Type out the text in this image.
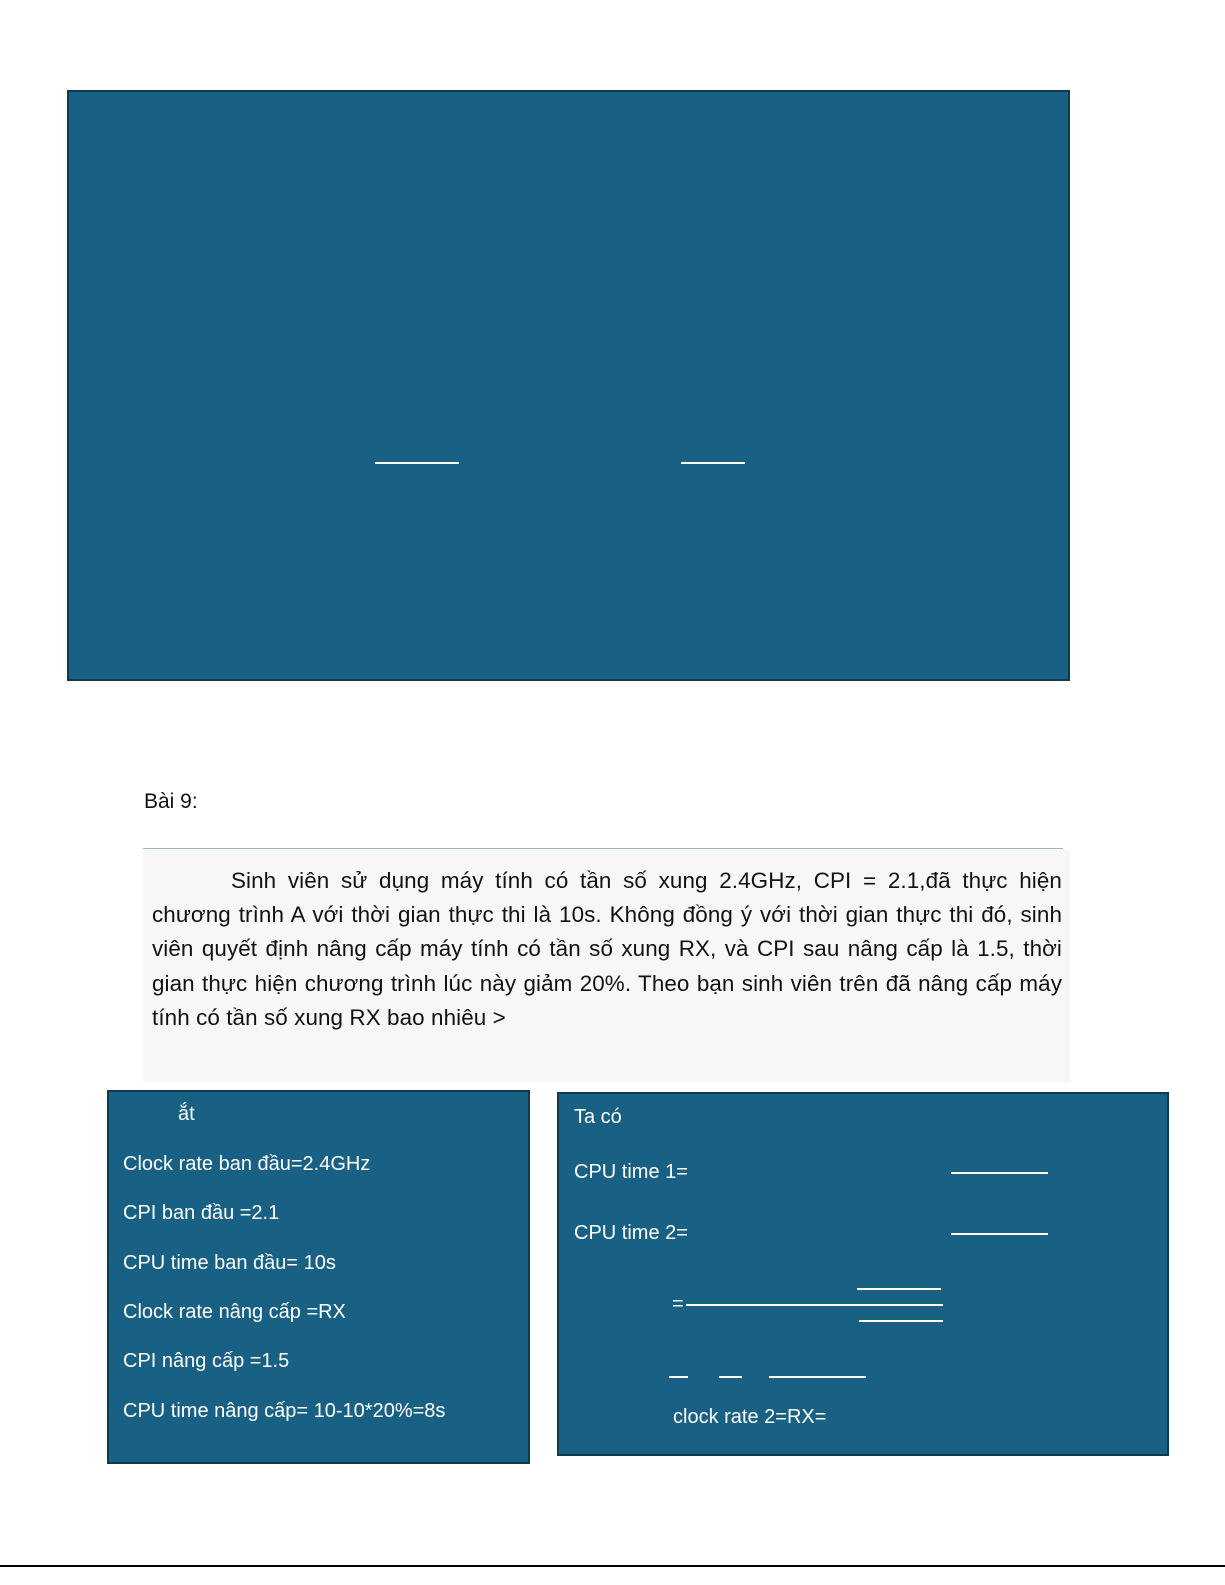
Bài 9:

Sinh viên sử dụng máy tính có tần số xung 2.4GHz, CPI = 2.1,đã thực hiện chương trình A với thời gian thực thi là 10s. Không đồng ý với thời gian thực thi đó, sinh viên quyết định nâng cấp máy tính có tần số xung RX, và CPI sau nâng cấp là 1.5, thời gian thực hiện chương trình lúc này giảm 20%. Theo bạn sinh viên trên đã nâng cấp máy tính có tần số xung RX bao nhiêu >

ắt
Clock rate ban đầu=2.4GHz
CPI ban đầu =2.1
CPU time ban đầu= 10s
Clock rate nâng cấp =RX
CPI nâng cấp =1.5
CPU time nâng cấp= 10-10*20%=8s
Ta có
CPU time 1=
CPU time 2=
=
clock rate 2=RX=
